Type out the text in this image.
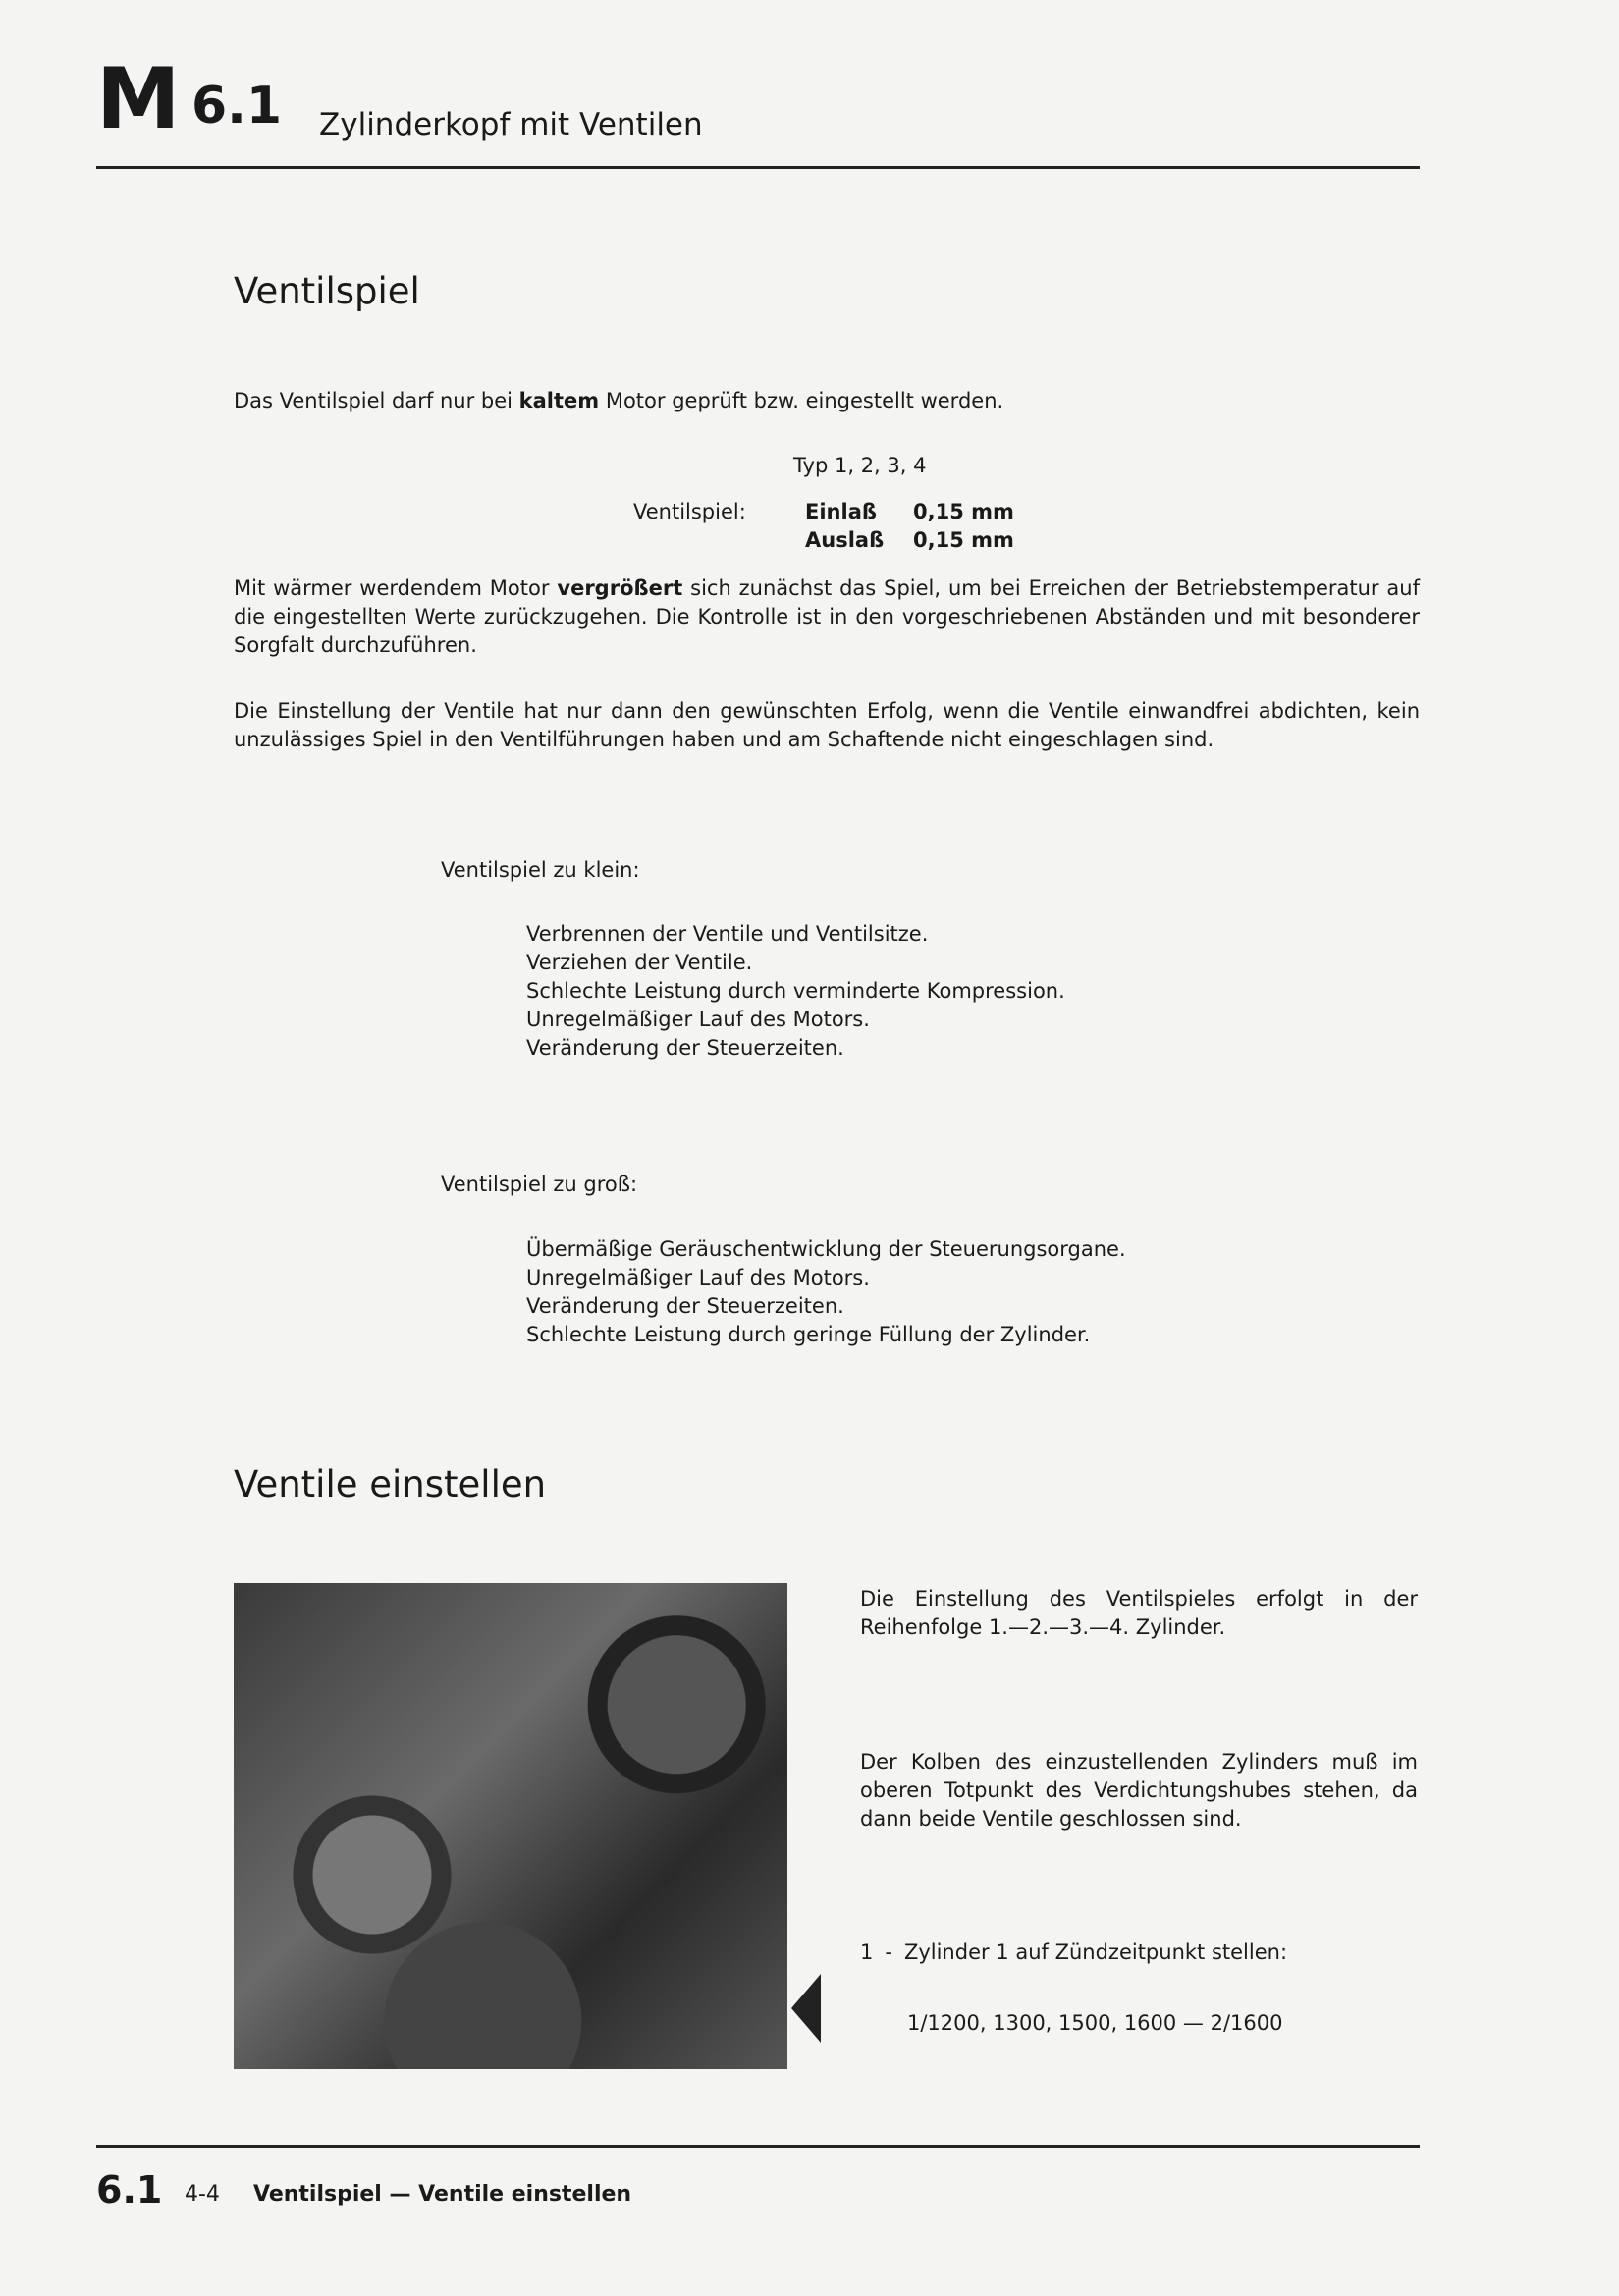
M 6.1 Zylinderkopf mit Ventilen
Ventilspiel

Das Ventilspiel darf nur bei kaltem Motor geprüft bzw. eingestellt werden.

Typ 1, 2, 3, 4
Ventilspiel:	Einlaß 0,15 mm
Auslaß 0,15 mm

Mit wärmer werdendem Motor vergrößert sich zunächst das Spiel, um bei Erreichen der Betriebstemperatur auf die eingestellten Werte zurückzugehen. Die Kontrolle ist in den vorgeschriebenen Abständen und mit besonderer Sorgfalt durchzuführen.

Die Einstellung der Ventile hat nur dann den gewünschten Erfolg, wenn die Ventile einwandfrei abdichten, kein unzulässiges Spiel in den Ventilführungen haben und am Schaftende nicht eingeschlagen sind.

Ventilspiel zu klein:
Verbrennen der Ventile und Ventilsitze.
Verziehen der Ventile.
Schlechte Leistung durch verminderte Kompression.
Unregelmäßiger Lauf des Motors.
Veränderung der Steuerzeiten.
Ventilspiel zu groß:
Übermäßige Geräuschentwicklung der Steuerungsorgane.
Unregelmäßiger Lauf des Motors.
Veränderung der Steuerzeiten.
Schlechte Leistung durch geringe Füllung der Zylinder.
Ventile einstellen

Die Einstellung des Ventilspieles erfolgt in der Reihenfolge 1.—2.—3.—4. Zylinder.

Der Kolben des einzustellenden Zylinders muß im oberen Totpunkt des Verdichtungshubes stehen, da dann beide Ventile geschlossen sind.

1 - Zylinder 1 auf Zündzeitpunkt stellen:
1/1200, 1300, 1500, 1600 — 2/1600
6.1 4-4 Ventilspiel — Ventile einstellen
